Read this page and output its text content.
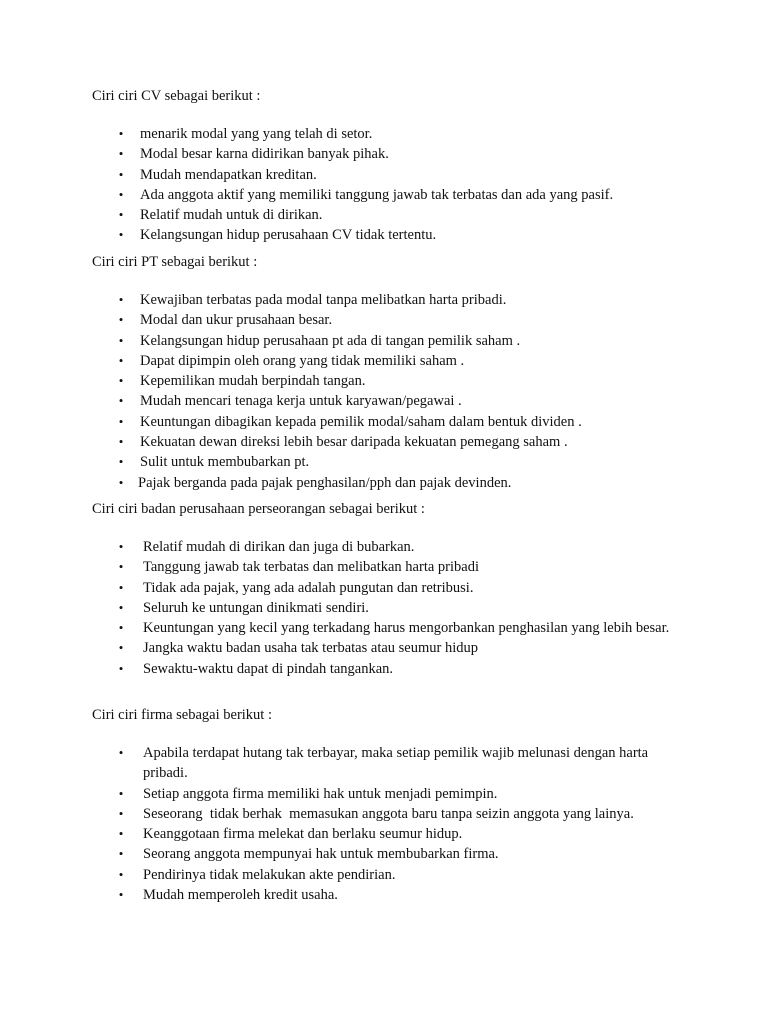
Ciri ciri CV sebagai berikut :

• menarik modal yang yang telah di setor.
• Modal besar karna didirikan banyak pihak.
• Mudah mendapatkan kreditan.
• Ada anggota aktif yang memiliki tanggung jawab tak terbatas dan ada yang pasif.
• Relatif mudah untuk di dirikan.
• Kelangsungan hidup perusahaan CV tidak tertentu.

Ciri ciri PT sebagai berikut :

• Kewajiban terbatas pada modal tanpa melibatkan harta pribadi.
• Modal dan ukur prusahaan besar.
• Kelangsungan hidup perusahaan pt ada di tangan pemilik saham .
• Dapat dipimpin oleh orang yang tidak memiliki saham .
• Kepemilikan mudah berpindah tangan.
• Mudah mencari tenaga kerja untuk karyawan/pegawai .
• Keuntungan dibagikan kepada pemilik modal/saham dalam bentuk dividen .
• Kekuatan dewan direksi lebih besar daripada kekuatan pemegang saham .
• Sulit untuk membubarkan pt.
• Pajak berganda pada pajak penghasilan/pph dan pajak devinden.

Ciri ciri badan perusahaan perseorangan sebagai berikut :

• Relatif mudah di dirikan dan juga di bubarkan.
• Tanggung jawab tak terbatas dan melibatkan harta pribadi
• Tidak ada pajak, yang ada adalah pungutan dan retribusi.
• Seluruh ke untungan dinikmati sendiri.
• Keuntungan yang kecil yang terkadang harus mengorbankan penghasilan yang lebih besar.
• Jangka waktu badan usaha tak terbatas atau seumur hidup
• Sewaktu-waktu dapat di pindah tangankan.

Ciri ciri firma sebagai berikut :

• Apabila terdapat hutang tak terbayar, maka setiap pemilik wajib melunasi dengan harta pribadi.
• Setiap anggota firma memiliki hak untuk menjadi pemimpin.
• Seseorang  tidak berhak  memasukan anggota baru tanpa seizin anggota yang lainya.
• Keanggotaan firma melekat dan berlaku seumur hidup.
• Seorang anggota mempunyai hak untuk membubarkan firma.
• Pendirinya tidak melakukan akte pendirian.
• Mudah memperoleh kredit usaha.
